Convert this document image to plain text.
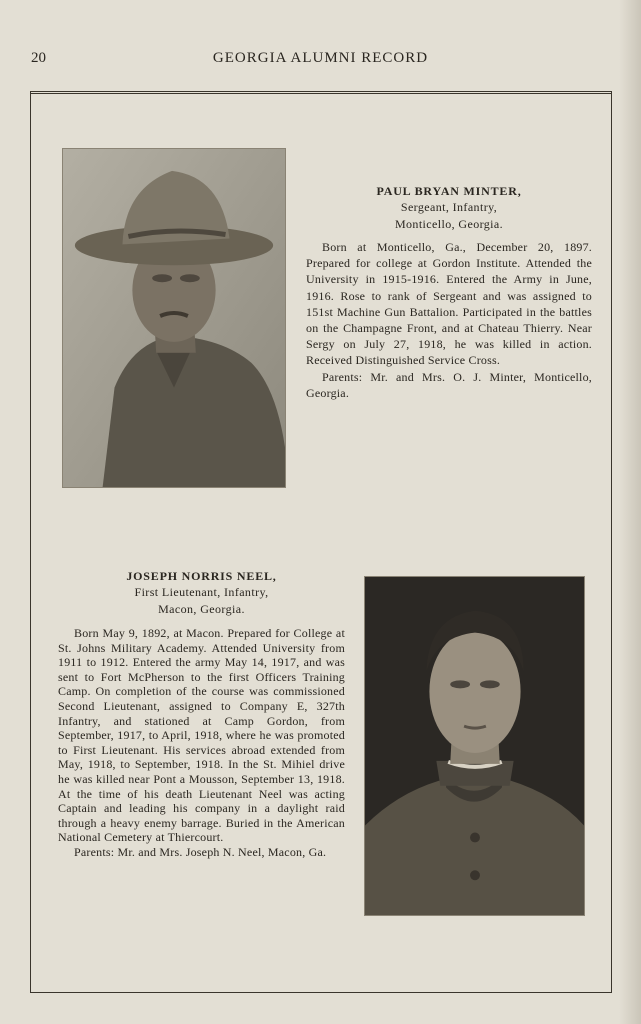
20	GEORGIA ALUMNI RECORD

PAUL BRYAN MINTER,

Sergeant, Infantry,

Monticello, Georgia.

Born at Monticello, Ga., December 20, 1897. Prepared for college at Gordon Institute. Attended the University in 1915-1916. Entered the Army in June, 1916. Rose to rank of Sergeant and was assigned to 151st Machine Gun Battalion. Participated in the battles on the Champagne Front, and at Chateau Thierry. Near Sergy on July 27, 1918, he was killed in action. Received Distinguished Service Cross.

Parents: Mr. and Mrs. O. J. Minter, Monticello, Georgia.

JOSEPH NORRIS NEEL,

First Lieutenant, Infantry,

Macon, Georgia.

Born May 9, 1892, at Macon. Prepared for College at St. Johns Military Academy. Attended University from 1911 to 1912. Entered the army May 14, 1917, and was sent to Fort McPherson to the first Officers Training Camp. On completion of the course was commissioned Second Lieutenant, assigned to Company E, 327th Infantry, and stationed at Camp Gordon, from September, 1917, to April, 1918, where he was promoted to First Lieutenant. His services abroad extended from May, 1918, to September, 1918. In the St. Mihiel drive he was killed near Pont a Mousson, September 13, 1918. At the time of his death Lieutenant Neel was acting Captain and leading his company in a daylight raid through a heavy enemy barrage. Buried in the American National Cemetery at Thiercourt.

Parents: Mr. and Mrs. Joseph N. Neel, Macon, Ga.
